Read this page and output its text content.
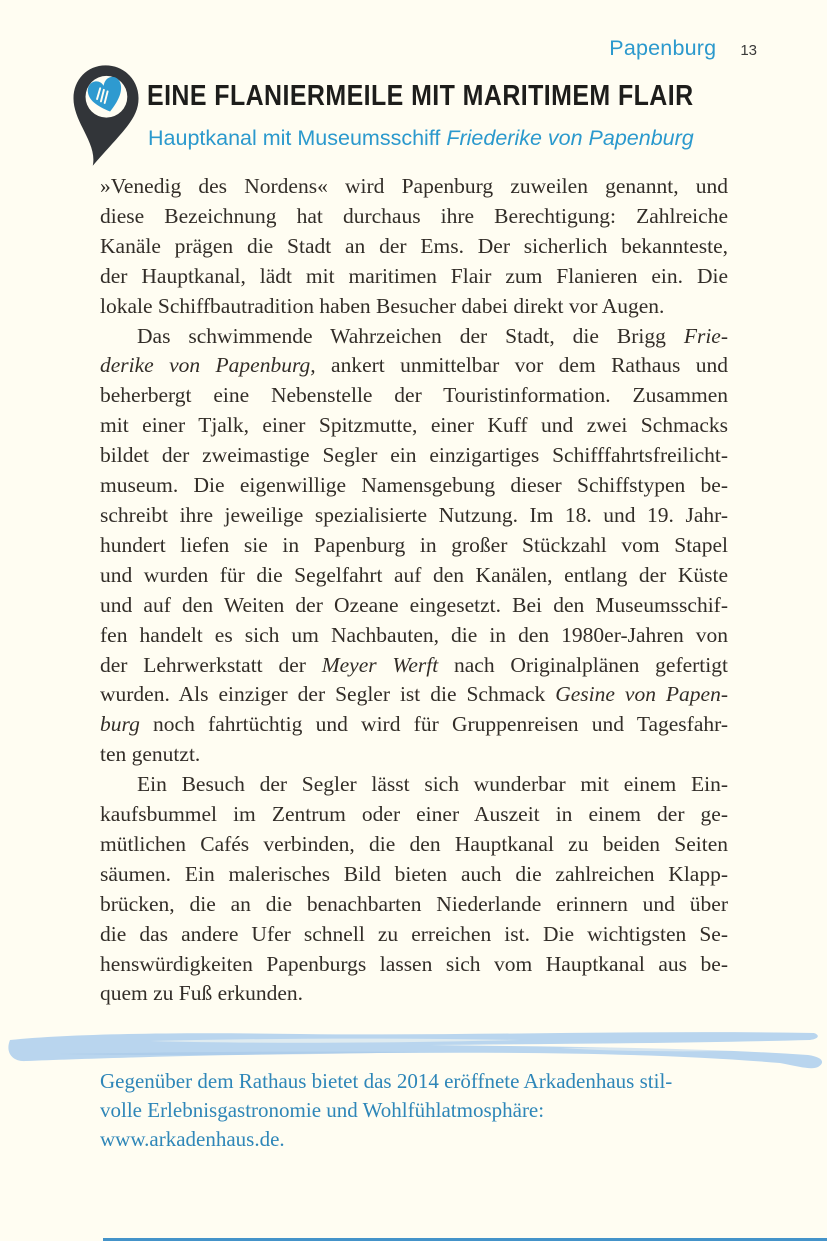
Papenburg 13
EINE FLANIERMEILE MIT MARITIMEM FLAIR
Hauptkanal mit Museumsschiff Friederike von Papenburg
»Venedig des Nordens« wird Papenburg zuweilen genannt, und
diese Bezeichnung hat durchaus ihre Berechtigung: Zahlreiche
Kanäle prägen die Stadt an der Ems. Der sicherlich bekannteste,
der Hauptkanal, lädt mit maritimen Flair zum Flanieren ein. Die
lokale Schiffbautradition haben Besucher dabei direkt vor Augen.
Das schwimmende Wahrzeichen der Stadt, die Brigg Frie-
derike von Papenburg, ankert unmittelbar vor dem Rathaus und
beherbergt eine Nebenstelle der Touristinformation. Zusammen
mit einer Tjalk, einer Spitzmutte, einer Kuff und zwei Schmacks
bildet der zweimastige Segler ein einzigartiges Schifffahrtsfreilicht-
museum. Die eigenwillige Namensgebung dieser Schiffstypen be-
schreibt ihre jeweilige spezialisierte Nutzung. Im 18. und 19. Jahr-
hundert liefen sie in Papenburg in großer Stückzahl vom Stapel
und wurden für die Segelfahrt auf den Kanälen, entlang der Küste
und auf den Weiten der Ozeane eingesetzt. Bei den Museumsschif-
fen handelt es sich um Nachbauten, die in den 1980er-Jahren von
der Lehrwerkstatt der Meyer Werft nach Originalplänen gefertigt
wurden. Als einziger der Segler ist die Schmack Gesine von Papen-
burg noch fahrtüchtig und wird für Gruppenreisen und Tagesfahr-
ten genutzt.
Ein Besuch der Segler lässt sich wunderbar mit einem Ein-
kaufsbummel im Zentrum oder einer Auszeit in einem der ge-
mütlichen Cafés verbinden, die den Hauptkanal zu beiden Seiten
säumen. Ein malerisches Bild bieten auch die zahlreichen Klapp-
brücken, die an die benachbarten Niederlande erinnern und über
die das andere Ufer schnell zu erreichen ist. Die wichtigsten Se-
henswürdigkeiten Papenburgs lassen sich vom Hauptkanal aus be-
quem zu Fuß erkunden.
Gegenüber dem Rathaus bietet das 2014 eröffnete Arkadenhaus stil-
volle Erlebnisgastronomie und Wohlfühlatmosphäre:
www.arkadenhaus.de.
